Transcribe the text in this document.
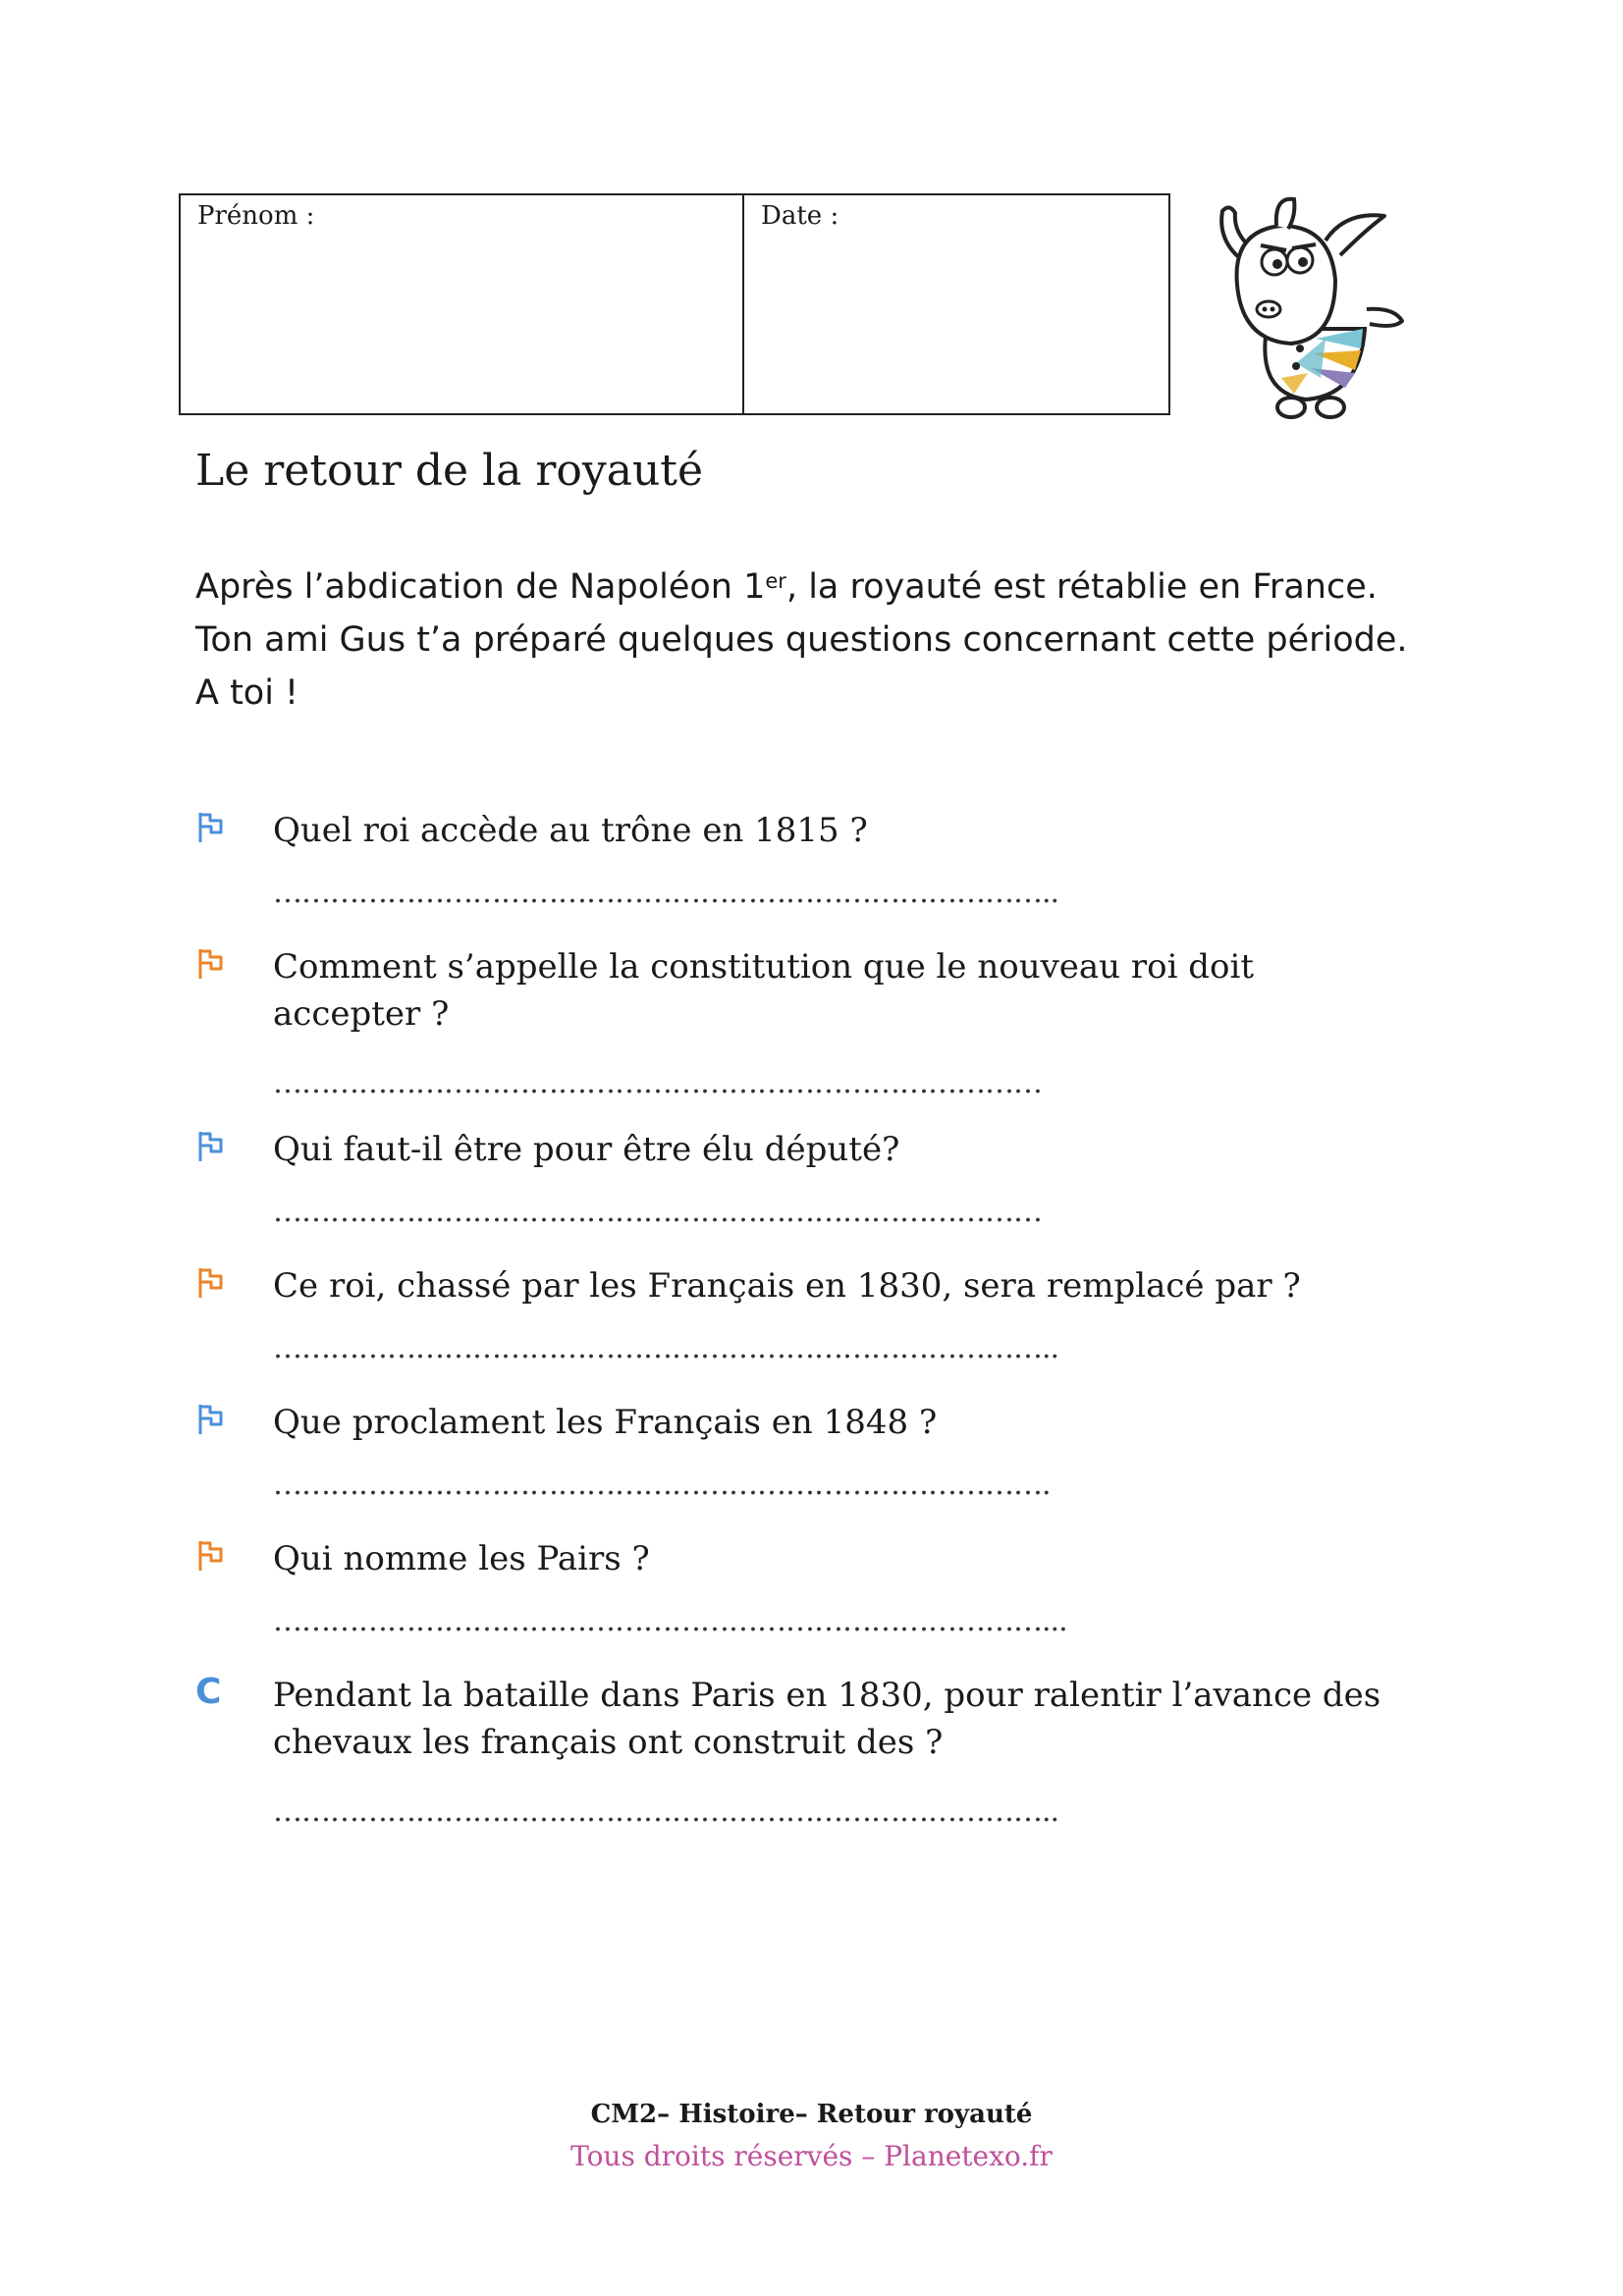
Prénom :	Date :
Le retour de la royauté
Après l’abdication de Napoléon 1er, la royauté est rétablie en France.
Ton ami Gus t’a préparé quelques questions concernant cette période.
A toi !
Quel roi accède au trône en 1815 ?
………………………………………………………………………..
Comment s’appelle la constitution que le nouveau roi doit accepter ?
………………………………………………………………………
Qui faut-il être pour être élu député?
………………………………………………………………………
Ce roi, chassé par les Français en 1830, sera remplacé par ?
………………………………………………………………………..
Que proclament les Français en 1848 ?
……………………………………………………………………….
Qui nomme les Pairs ?
………………………………………………………………………...
C Pendant la bataille dans Paris en 1830, pour ralentir l’avance des chevaux les français ont construit des ?
………………………………………………………………………..
CM2– Histoire– Retour royauté
Tous droits réservés – Planetexo.fr
